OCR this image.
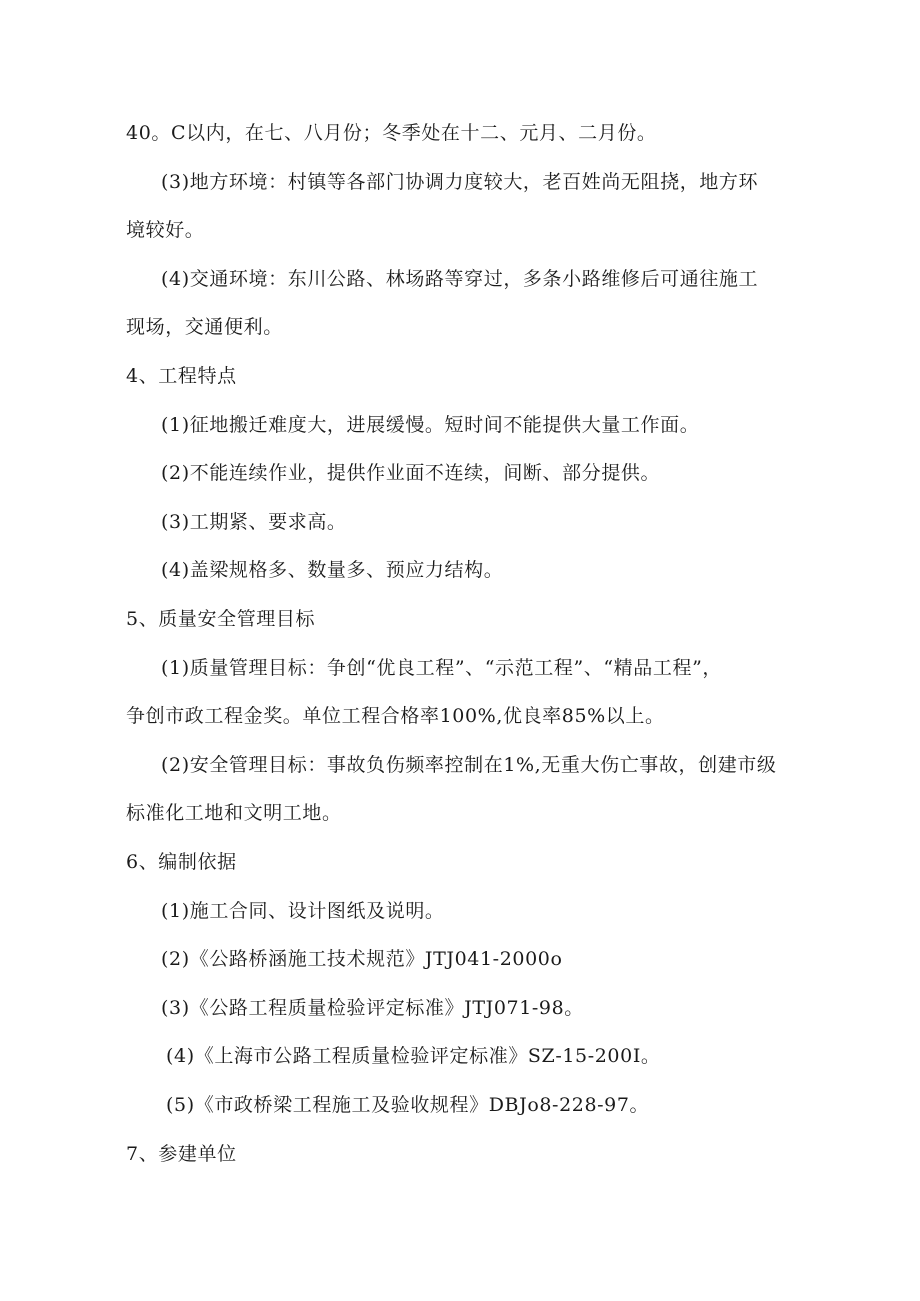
40。C以内，在七、八月份；冬季处在十二、元月、二月份。
(3)地方环境：村镇等各部门协调力度较大，老百姓尚无阻挠，地方环
境较好。
(4)交通环境：东川公路、林场路等穿过，多条小路维修后可通往施工
现场，交通便利。
4、工程特点
(1)征地搬迁难度大，进展缓慢。短时间不能提供大量工作面。
(2)不能连续作业，提供作业面不连续，间断、部分提供。
(3)工期紧、要求高。
(4)盖梁规格多、数量多、预应力结构。
5、质量安全管理目标
(1)质量管理目标：争创“优良工程”、“示范工程”、“精品工程”，
争创市政工程金奖。单位工程合格率100%,优良率85%以上。
(2)安全管理目标：事故负伤频率控制在1%,无重大伤亡事故，创建市级
标准化工地和文明工地。
6、编制依据
(1)施工合同、设计图纸及说明。
(2)《公路桥涵施工技术规范》JTJ041-2000o
(3)《公路工程质量检验评定标准》JTJ071-98。
(4)《上海市公路工程质量检验评定标准》SZ-15-200I。
(5)《市政桥梁工程施工及验收规程》DBJo8-228-97。
7、参建单位
